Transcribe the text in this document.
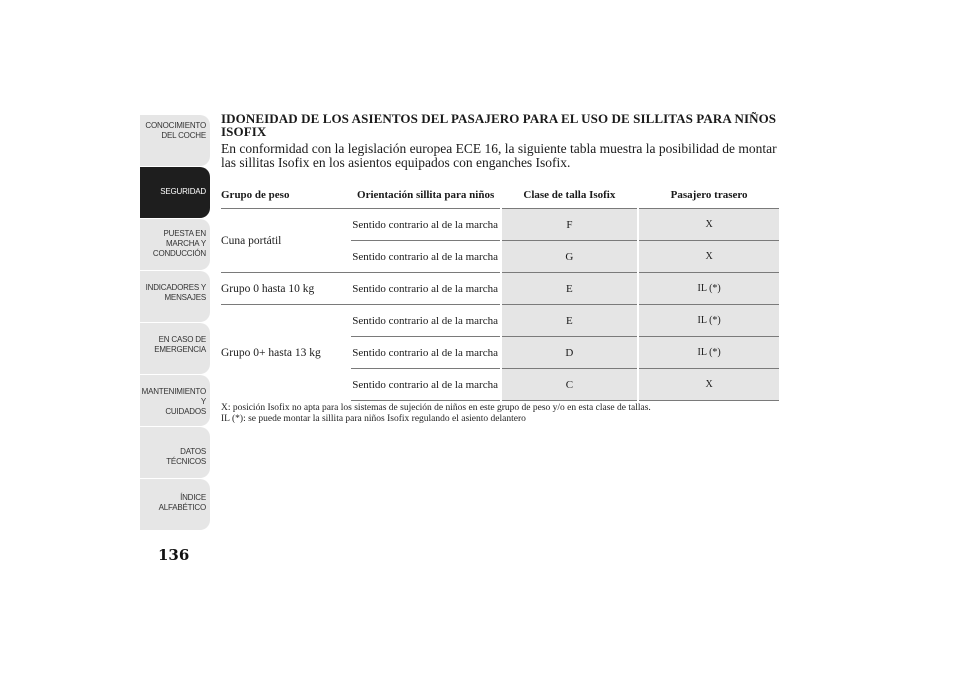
CONOCIMIENTO
DEL COCHE
SEGURIDAD
PUESTA EN
MARCHA Y
CONDUCCIÓN
INDICADORES Y
MENSAJES
EN CASO DE
EMERGENCIA
MANTENIMIENTO Y
CUIDADOS
DATOS TÉCNICOS
ÍNDICE
ALFABÉTICO
136
IDONEIDAD DE LOS ASIENTOS DEL PASAJERO PARA EL USO DE SILLITAS PARA NIÑOS ISOFIX

En conformidad con la legislación europea ECE 16, la siguiente tabla muestra la posibilidad de montar las sillitas Isofix en los asientos equipados con enganches Isofix.

Grupo de peso	Orientación sillita para niños	Clase de talla Isofix	Pasajero trasero
Cuna portátil	Sentido contrario al de la marcha	F	X
	Sentido contrario al de la marcha	G	X
Grupo 0 hasta 10 kg	Sentido contrario al de la marcha	E	IL (*)
Grupo 0+ hasta 13 kg	Sentido contrario al de la marcha	E	IL (*)
	Sentido contrario al de la marcha	D	IL (*)
	Sentido contrario al de la marcha	C	X

X: posición Isofix no apta para los sistemas de sujeción de niños en este grupo de peso y/o en esta clase de tallas.

IL (*): se puede montar la sillita para niños Isofix regulando el asiento delantero
